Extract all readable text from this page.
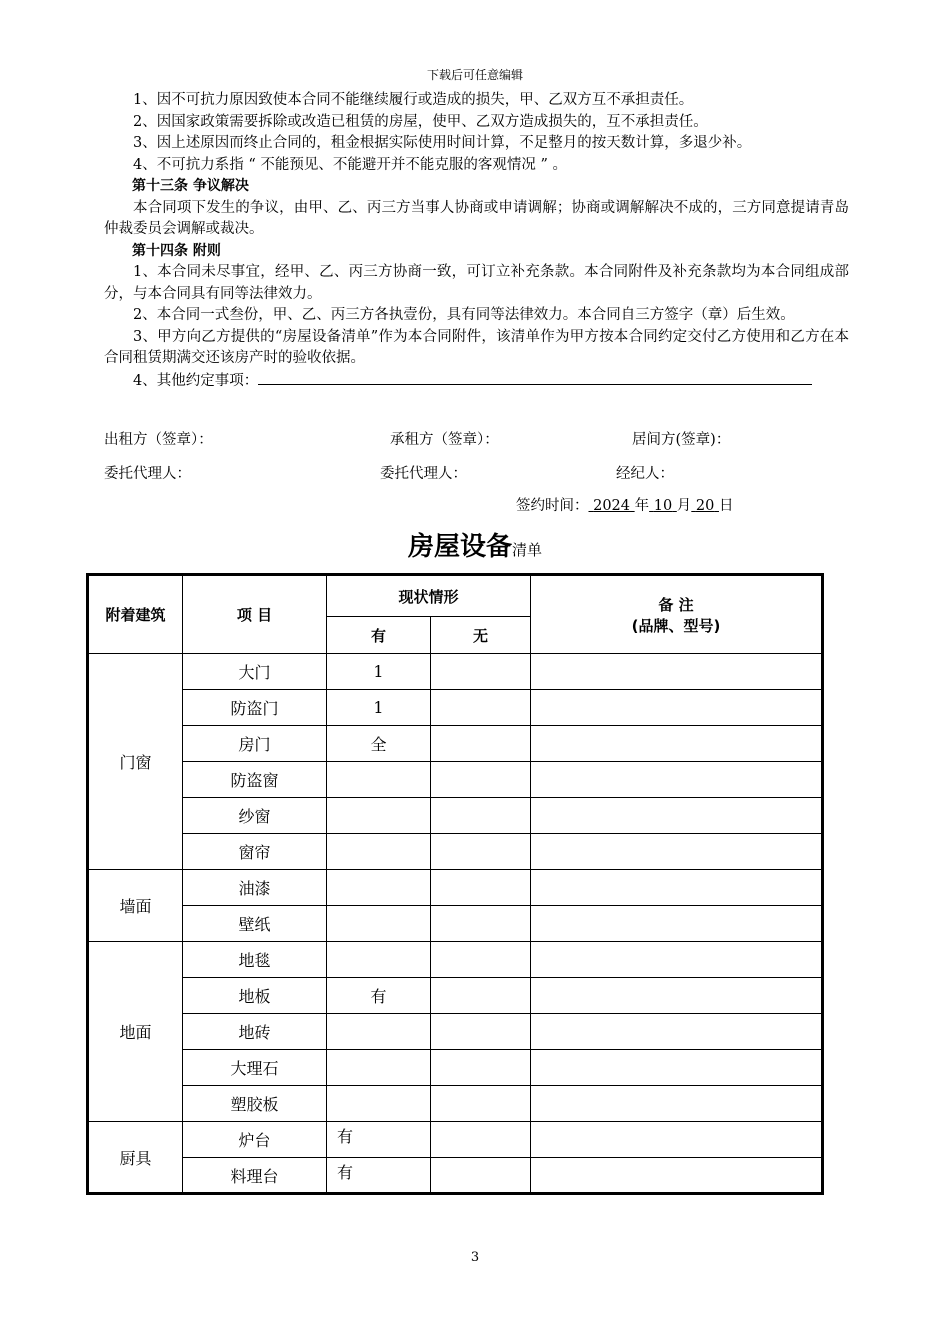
下载后可任意编辑

1、因不可抗力原因致使本合同不能继续履行或造成的损失，甲、乙双方互不承担责任。

2、因国家政策需要拆除或改造已租赁的房屋，使甲、乙双方造成损失的，互不承担责任。

3、因上述原因而终止合同的，租金根据实际使用时间计算，不足整月的按天数计算，多退少补。

4、不可抗力系指 “ 不能预见、不能避开并不能克服的客观情况 ” 。

第十三条 争议解决

本合同项下发生的争议，由甲、乙、丙三方当事人协商或申请调解；协商或调解解决不成的，三方同意提请青岛仲裁委员会调解或裁决。

第十四条 附则

1、本合同未尽事宜，经甲、乙、丙三方协商一致，可订立补充条款。本合同附件及补充条款均为本合同组成部分，与本合同具有同等法律效力。

2、本合同一式叁份，甲、乙、丙三方各执壹份，具有同等法律效力。本合同自三方签字（章）后生效。

3、甲方向乙方提供的“房屋设备清单”作为本合同附件，该清单作为甲方按本合同约定交付乙方使用和乙方在本合同租赁期满交还该房产时的验收依据。

4、其他约定事项：

出租方（签章）：	承租方（签章）：	居间方(签章)：
委托代理人：	委托代理人：	经纪人：
签约时间： 2024 年 10 月 20 日
房屋设备清单
附着建筑	项 目	现状情形		备 注
(品牌、型号)
		有	无	
门窗	大门	1		
	防盗门	1		
	房门	全		
	防盗窗			
	纱窗			
	窗帘			
墙面	油漆			
	壁纸			
地面	地毯			
	地板	有		
	地砖			
	大理石			
	塑胶板			
厨具	炉台	有		
	料理台	有		
3
